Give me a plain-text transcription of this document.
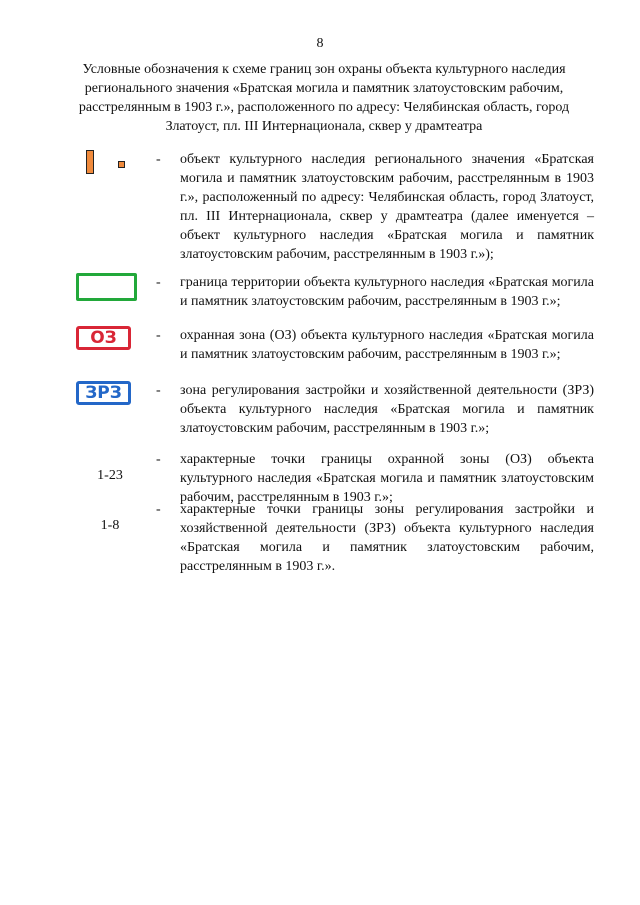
8
Условные обозначения к схеме границ зон охраны объекта культурного наследия регионального значения «Братская могила и памятник златоустовским рабочим, расстрелянным в 1903 г.», расположенного по адресу: Челябинская область, город Златоуст, пл. III Интернационала, сквер у драмтеатра
- объект культурного наследия регионального значения «Братская могила и памятник златоустовским рабочим, расстрелянным в 1903 г.», расположенный по адресу: Челябинская область, город Златоуст, пл. III Интернационала, сквер у драмтеатра (далее именуется – объект культурного наследия «Братская могила и памятник златоустовским рабочим, расстрелянным в 1903 г.»);
- граница территории объекта культурного наследия «Братская могила и памятник златоустовским рабочим, расстрелянным в 1903 г.»;
ОЗ	- охранная зона (ОЗ) объекта культурного наследия «Братская могила и памятник златоустовским рабочим, расстрелянным в 1903 г.»;
ЗРЗ	- зона регулирования застройки и хозяйственной деятельности (ЗРЗ) объекта культурного наследия «Братская могила и памятник златоустовским рабочим, расстрелянным в 1903 г.»;
1-23
- характерные точки границы охранной зоны (ОЗ) объекта культурного наследия «Братская могила и памятник златоустовским рабочим, расстрелянным в 1903 г.»;
1-8
- характерные точки границы зоны регулирования застройки и хозяйственной деятельности (ЗРЗ) объекта культурного наследия «Братская могила и памятник златоустовским рабочим, расстрелянным в 1903 г.».
